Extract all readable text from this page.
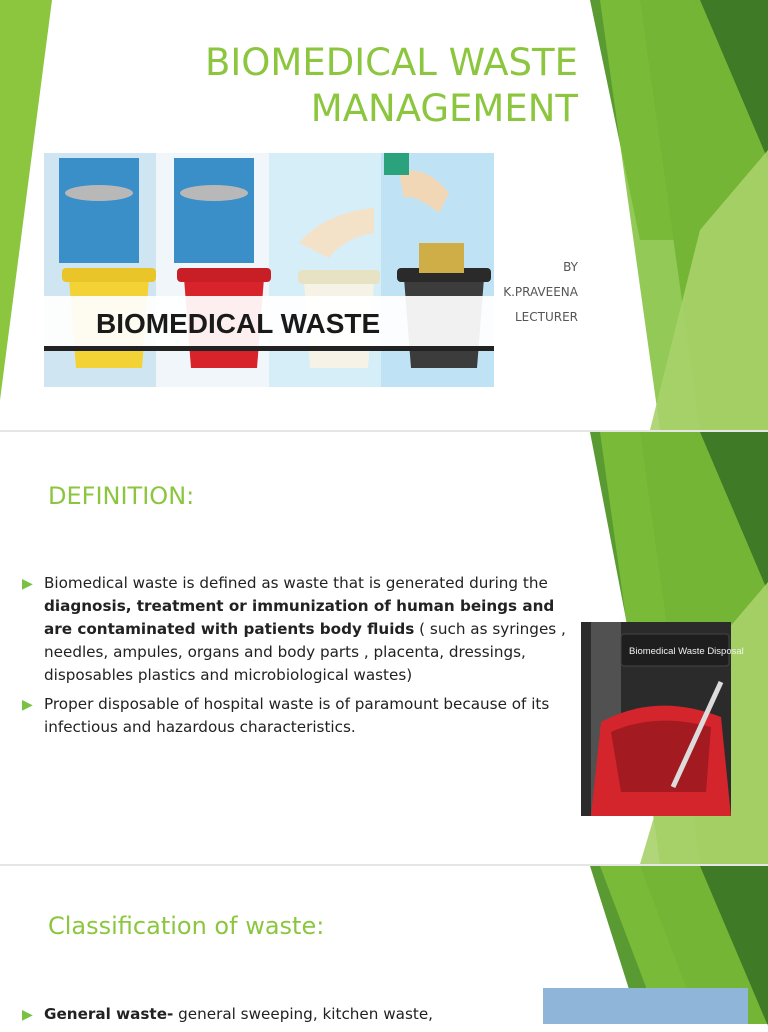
BIOMEDICAL WASTE
MANAGEMENT
BIOMEDICAL WASTE
BY
K.PRAVEENA
LECTURER
DEFINITION:
▶ Biomedical waste is defined as waste that is generated during the diagnosis, treatment or immunization of human beings and are contaminated with patients body fluids ( such as syringes , needles, ampules, organs and body parts , placenta, dressings, disposables plastics and microbiological wastes)
▶ Proper disposable of hospital waste is of paramount because of its infectious and hazardous characteristics.
Biomedical Waste Disposal
Classification of waste:
▶ General waste- general sweeping, kitchen waste,
